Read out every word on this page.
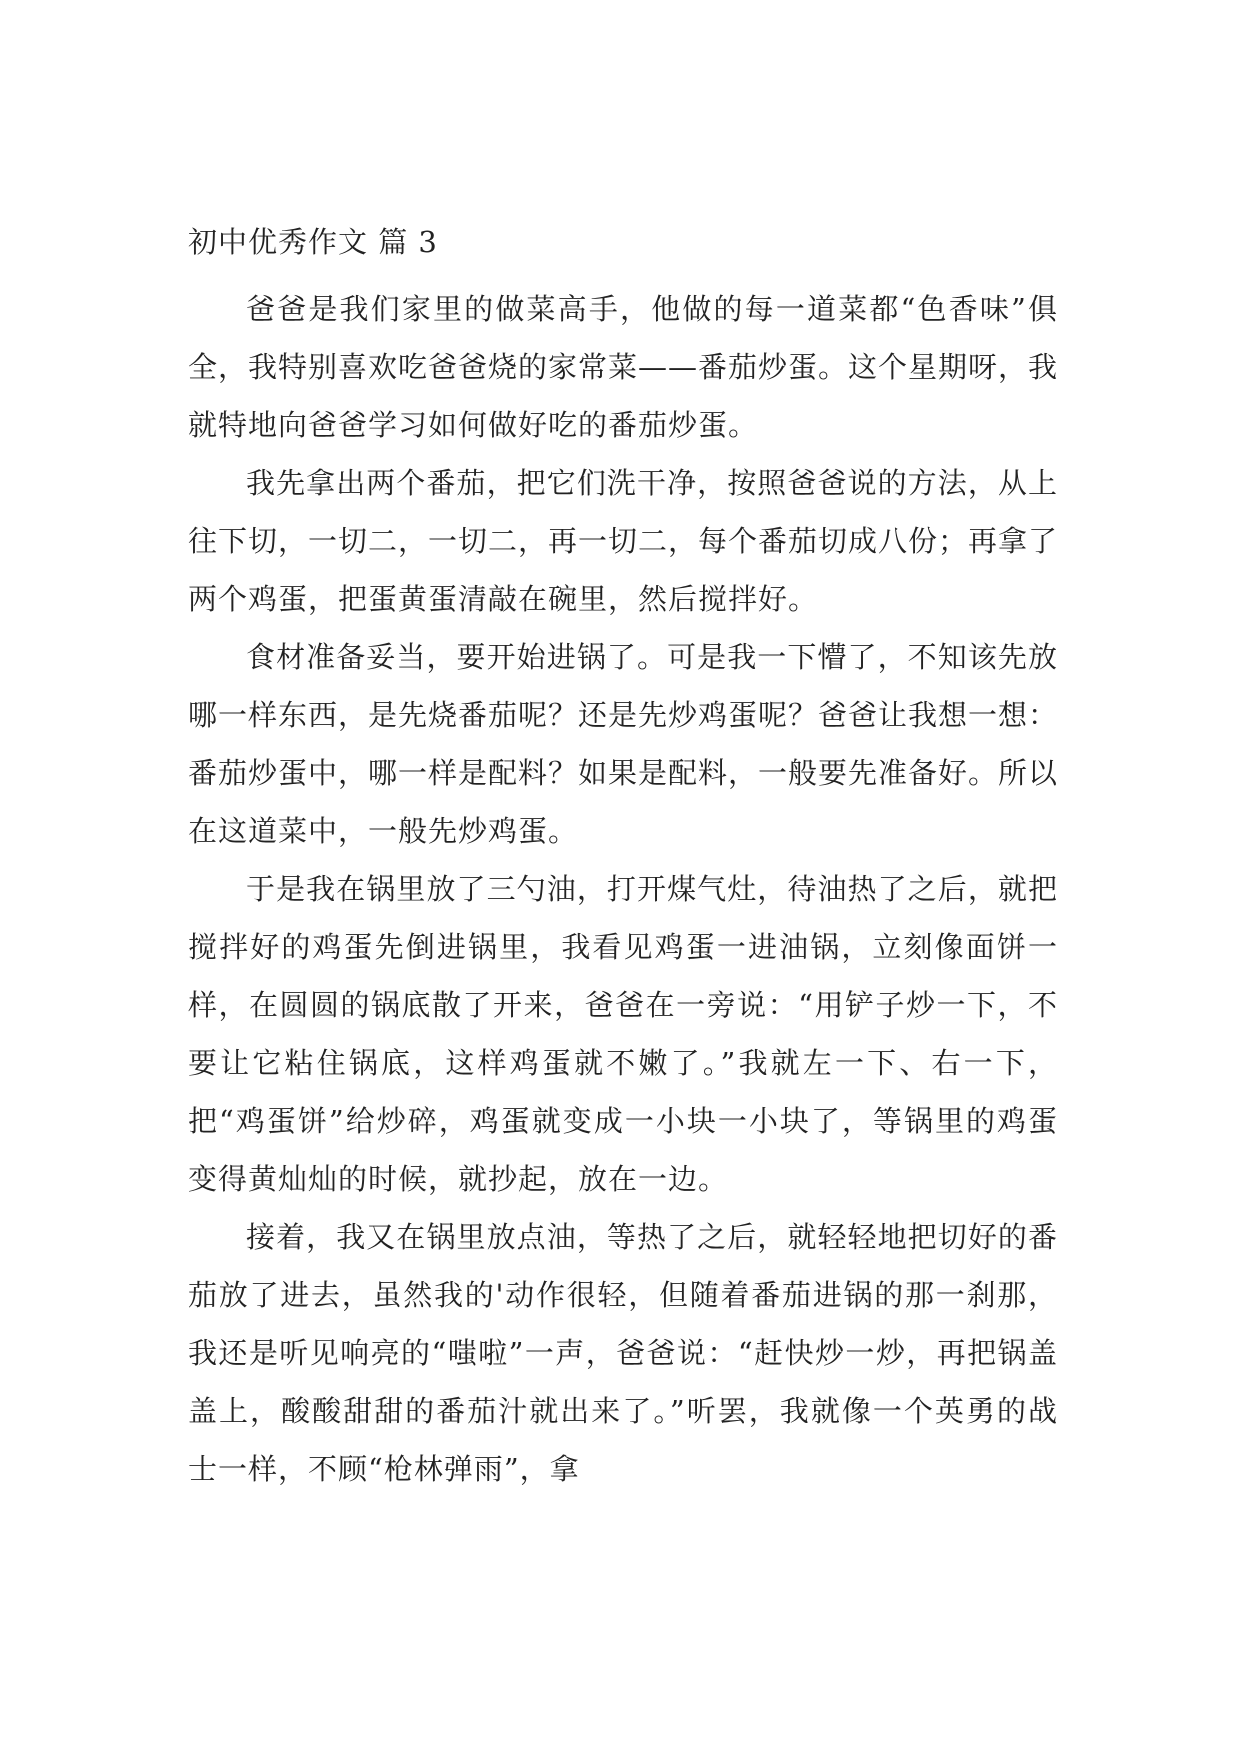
初中优秀作文 篇 3

爸爸是我们家里的做菜高手，他做的每一道菜都“色香味”俱全，我特别喜欢吃爸爸烧的家常菜——番茄炒蛋。这个星期呀，我就特地向爸爸学习如何做好吃的番茄炒蛋。

我先拿出两个番茄，把它们洗干净，按照爸爸说的方法，从上往下切，一切二，一切二，再一切二，每个番茄切成八份；再拿了两个鸡蛋，把蛋黄蛋清敲在碗里，然后搅拌好。

食材准备妥当，要开始进锅了。可是我一下懵了，不知该先放哪一样东西，是先烧番茄呢？还是先炒鸡蛋呢？爸爸让我想一想：番茄炒蛋中，哪一样是配料？如果是配料，一般要先准备好。所以在这道菜中，一般先炒鸡蛋。

于是我在锅里放了三勺油，打开煤气灶，待油热了之后，就把搅拌好的鸡蛋先倒进锅里，我看见鸡蛋一进油锅，立刻像面饼一样，在圆圆的锅底散了开来，爸爸在一旁说：“用铲子炒一下，不要让它粘住锅底，这样鸡蛋就不嫩了。”我就左一下、右一下，把“鸡蛋饼”给炒碎，鸡蛋就变成一小块一小块了，等锅里的鸡蛋变得黄灿灿的时候，就抄起，放在一边。

接着，我又在锅里放点油，等热了之后，就轻轻地把切好的番茄放了进去，虽然我的'动作很轻，但随着番茄进锅的那一刹那，我还是听见响亮的“嗤啦”一声，爸爸说：“赶快炒一炒，再把锅盖盖上，酸酸甜甜的番茄汁就出来了。”听罢，我就像一个英勇的战士一样，不顾“枪林弹雨”，拿
